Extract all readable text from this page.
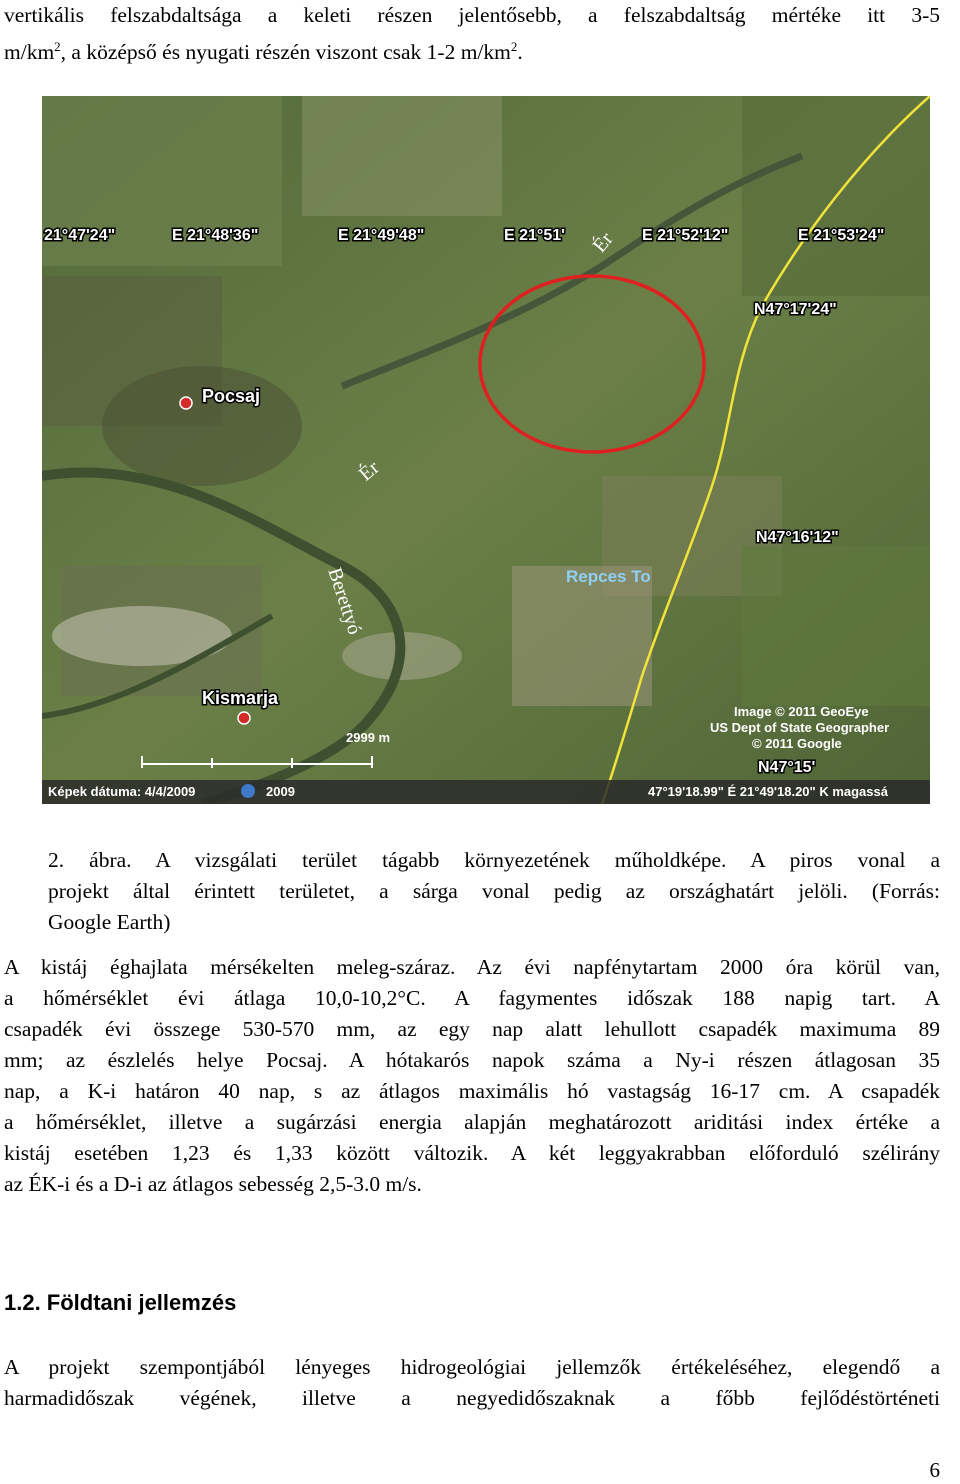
vertikális felszabdaltsága a keleti részen jelentősebb, a felszabdaltság mértéke itt 3-5
$m/km^2$, a középső és nyugati részén viszont csak 1-2 $m/km^2$.
21°47'24"	E 21°48'36"	E 21°49'48"	E 21°51'	E 21°52'12"	E 21°53'24"
N47°17'24"
N47°16'12"
Pocsaj
Kismarja
Repces To
Ér
Ér
Berettyó
2999 m
Image © 2011 GeoEye
US Dept of State Geographer
© 2011 Google
N47°15'
Képek dátuma: 4/4/2009	2009	47°19'18.99" É 21°49'18.20" K magassá
2. ábra. A vizsgálati terület tágabb környezetének műholdképe. A piros vonal a
projekt által érintett területet, a sárga vonal pedig az országhatárt jelöli. (Forrás:
Google Earth)
A kistáj éghajlata mérsékelten meleg-száraz. Az évi napfénytartam 2000 óra körül van,
a hőmérséklet évi átlaga 10,0-10,2°C. A fagymentes időszak 188 napig tart. A
csapadék évi összege 530-570 mm, az egy nap alatt lehullott csapadék maximuma 89
mm; az észlelés helye Pocsaj. A hótakarós napok száma a Ny-i részen átlagosan 35
nap, a K-i határon 40 nap, s az átlagos maximális hó vastagság 16-17 cm. A csapadék
a hőmérséklet, illetve a sugárzási energia alapján meghatározott ariditási index értéke a
kistáj esetében 1,23 és 1,33 között változik. A két leggyakrabban előforduló szélirány
az ÉK-i és a D-i az átlagos sebesség 2,5-3.0 m/s.
1.2. Földtani jellemzés
A projekt szempontjából lényeges hidrogeológiai jellemzők értékeléséhez, elegendő a
harmadidőszak végének, illetve a negyedidőszaknak a főbb fejlődéstörténeti
6
